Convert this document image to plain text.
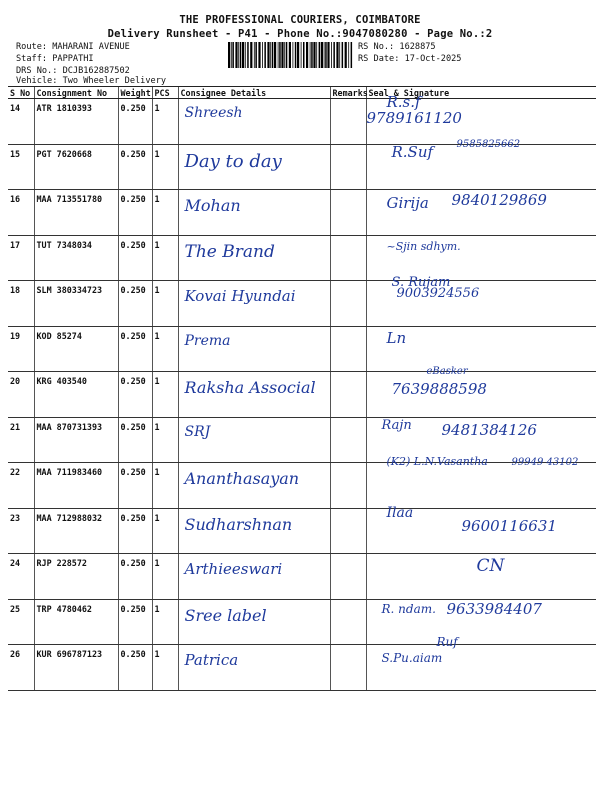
THE PROFESSIONAL COURIERS, COIMBATORE
Delivery Runsheet - P41 - Phone No.:9047080280 - Page No.:2
Route: MAHARANI AVENUE
Staff: PAPPATHI
DRS No.: DCJB162887502
Vehicle: Two Wheeler Delivery
RS No.: 1628875
RS Date: 17-Oct-2025
S No	Consignment No	Weight	PCS	Consignee Details	Remarks	Seal & Signature
14	ATR 1810393	0.250	1	Shreesh		R.s.f
9789161120

15	PGT 7620668	0.250	1	Day to day		R.Suf 9585825662

16	MAA 713551780	0.250	1	Mohan		Girija 9840129869

17	TUT 7348034	0.250	1	The Brand		~Sjin sdhym.

18	SLM 380334723	0.250	1	Kovai Hyundai		S. Rujam
9003924556

19	KOD 85274	0.250	1	Prema		Ln

20	KRG 403540	0.250	1	Raksha Associal		eBasker
7639888598

21	MAA 870731393	0.250	1	SRJ		Rajn 9481384126

22	MAA 711983460	0.250	1	Ananthasayan		(K2) L.N.Vasantha 99949 43102

23	MAA 712988032	0.250	1	Sudharshnan		Ilaa
9600116631

24	RJP 228572	0.250	1	Arthieeswari		CN

25	TRP 4780462	0.250	1	Sree label		R. ndam. 9633984407

26	KUR 696787123	0.250	1	Patrica		Ruf
S.Pu.aiam
